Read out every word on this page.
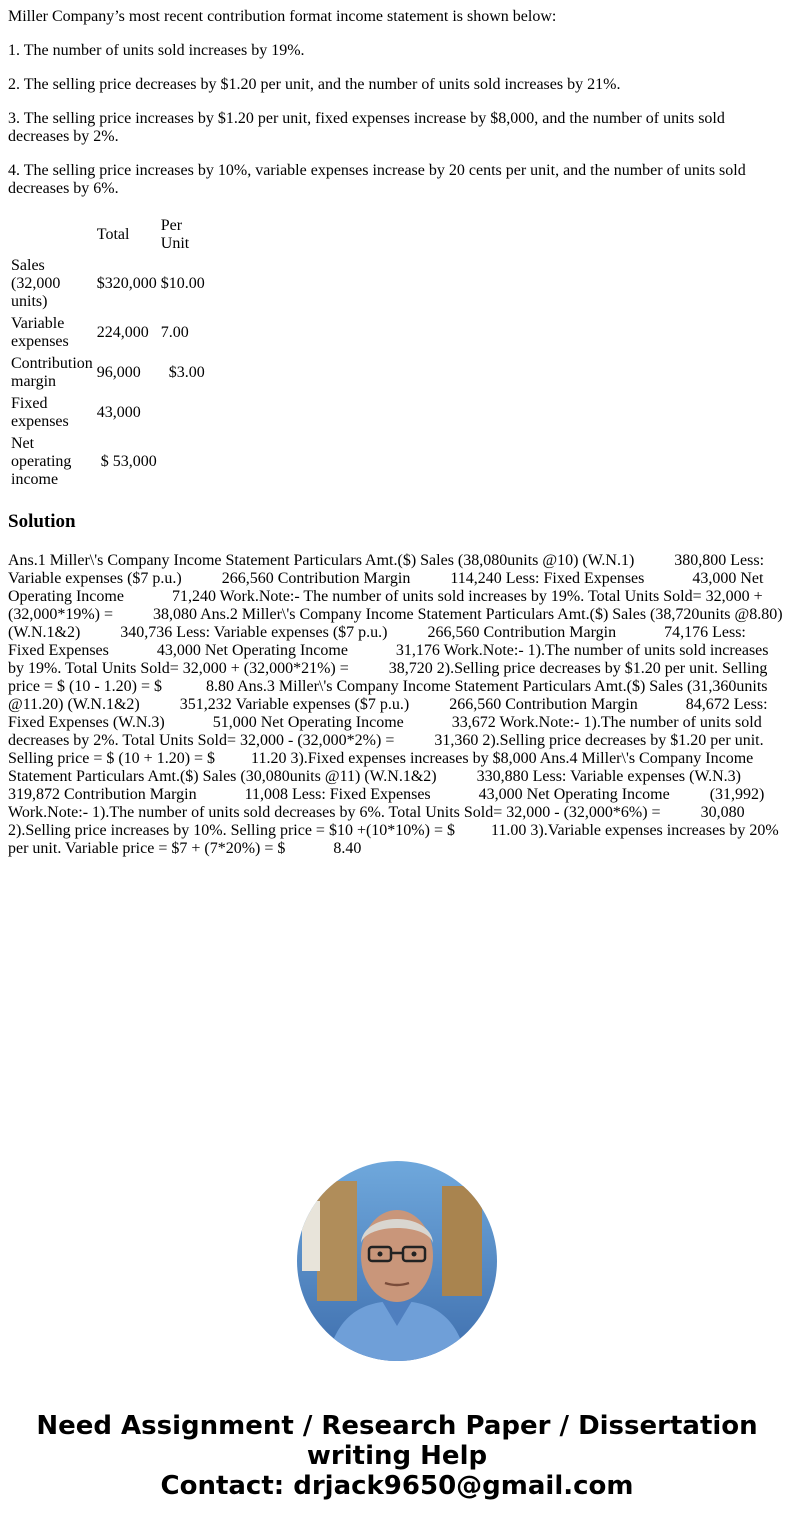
Miller Company’s most recent contribution format income statement is shown below:

1. The number of units sold increases by 19%.

2. The selling price decreases by $1.20 per unit, and the number of units sold increases by 21%.

3. The selling price increases by $1.20 per unit, fixed expenses increase by $8,000, and the number of units sold decreases by 2%.

4. The selling price increases by 10%, variable expenses increase by 20 cents per unit, and the number of units sold decreases by 6%.

	Total	Per Unit
Sales (32,000 units)	$320,000	$10.00
Variable expenses	224,000	7.00
Contribution margin	96,000	$3.00
Fixed expenses	43,000	
Net operating income	$ 53,000	
Solution

Ans.1 Miller\'s Company Income Statement Particulars Amt.($) Sales (38,080units @10) (W.N.1)          380,800 Less: Variable expenses ($7 p.u.)          266,560 Contribution Margin          114,240 Less: Fixed Expenses            43,000 Net Operating Income            71,240 Work.Note:- The number of units sold increases by 19%. Total Units Sold= 32,000 + (32,000*19%) =          38,080 Ans.2 Miller\'s Company Income Statement Particulars Amt.($) Sales (38,720units @8.80) (W.N.1&2)          340,736 Less: Variable expenses ($7 p.u.)          266,560 Contribution Margin            74,176 Less: Fixed Expenses            43,000 Net Operating Income            31,176 Work.Note:- 1).The number of units sold increases by 19%. Total Units Sold= 32,000 + (32,000*21%) =          38,720 2).Selling price decreases by $1.20 per unit. Selling price = $ (10 - 1.20) = $           8.80 Ans.3 Miller\'s Company Income Statement Particulars Amt.($) Sales (31,360units @11.20) (W.N.1&2)          351,232 Variable expenses ($7 p.u.)          266,560 Contribution Margin            84,672 Less: Fixed Expenses (W.N.3)            51,000 Net Operating Income            33,672 Work.Note:- 1).The number of units sold decreases by 2%. Total Units Sold= 32,000 - (32,000*2%) =          31,360 2).Selling price decreases by $1.20 per unit. Selling price = $ (10 + 1.20) = $         11.20 3).Fixed expenses increases by $8,000 Ans.4 Miller\'s Company Income Statement Particulars Amt.($) Sales (30,080units @11) (W.N.1&2)          330,880 Less: Variable expenses (W.N.3)          319,872 Contribution Margin            11,008 Less: Fixed Expenses            43,000 Net Operating Income          (31,992) Work.Note:- 1).The number of units sold decreases by 6%. Total Units Sold= 32,000 - (32,000*6%) =          30,080 2).Selling price increases by 10%. Selling price = $10 +(10*10%) = $         11.00 3).Variable expenses increases by 20% per unit. Variable price = $7 + (7*20%) = $            8.40

Need Assignment / Research Paper / Dissertation writing Help
Contact: drjack9650@gmail.com
